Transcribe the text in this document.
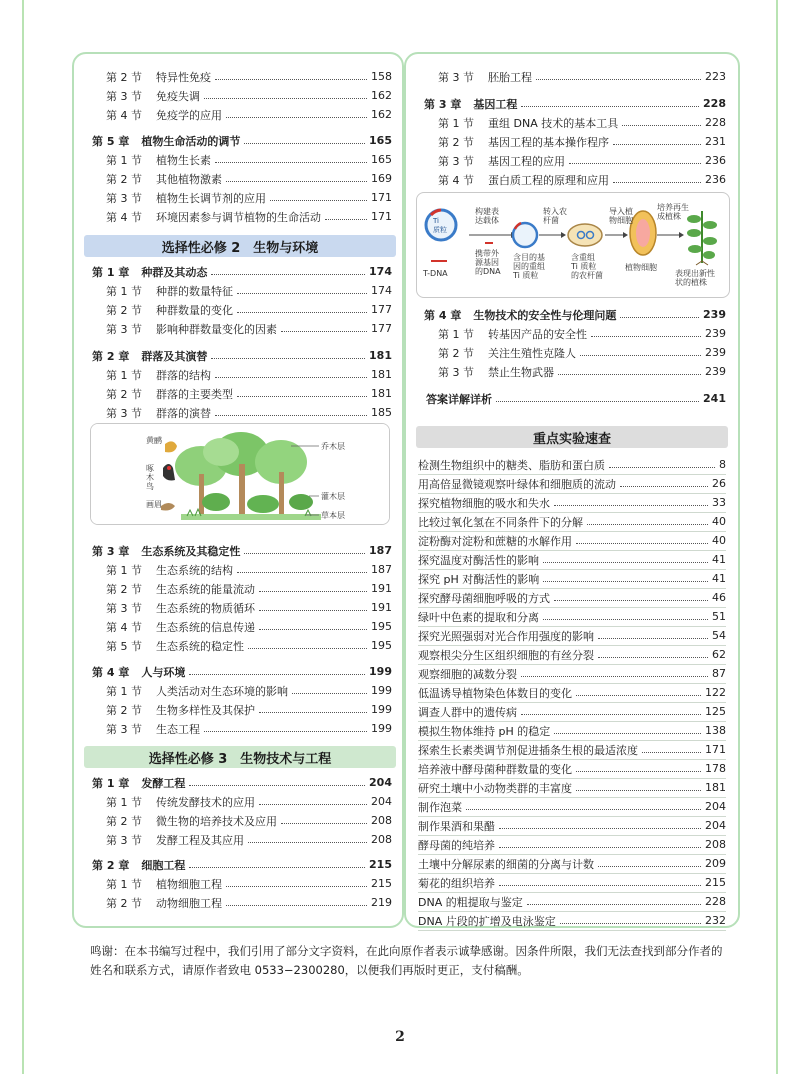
第 2 节 特异性免疫	158
第 3 节 免疫失调	162
第 4 节 免疫学的应用	162
第 5 章 植物生命活动的调节	165
第 1 节 植物生长素	165
第 2 节 其他植物激素	169
第 3 节 植物生长调节剂的应用	171
第 4 节 环境因素参与调节植物的生命活动	171
选择性必修 2　生物与环境
第 1 章 种群及其动态	174
第 1 节 种群的数量特征	174
第 2 节 种群数量的变化	177
第 3 节 影响种群数量变化的因素	177
第 2 章 群落及其演替	181
第 1 节 群落的结构	181
第 2 节 群落的主要类型	181
第 3 节 群落的演替	185
第 3 章 生态系统及其稳定性	187
第 1 节 生态系统的结构	187
第 2 节 生态系统的能量流动	191
第 3 节 生态系统的物质循环	191
第 4 节 生态系统的信息传递	195
第 5 节 生态系统的稳定性	195
第 4 章 人与环境	199
第 1 节 人类活动对生态环境的影响	199
第 2 节 生物多样性及其保护	199
第 3 节 生态工程	199
选择性必修 3　生物技术与工程
第 1 章 发酵工程	204
第 1 节 传统发酵技术的应用	204
第 2 节 微生物的培养技术及应用	208
第 3 节 发酵工程及其应用	208
第 2 章 细胞工程	215
第 1 节 植物细胞工程	215
第 2 节 动物细胞工程	219
黄鹂
啄木鸟
画眉
乔木层
灌木层
草本层
第 3 节 胚胎工程	223
第 3 章 基因工程	228
第 1 节 重组 DNA 技术的基本工具	228
第 2 节 基因工程的基本操作程序	231
第 3 节 基因工程的应用	236
第 4 节 蛋白质工程的原理和应用	236
第 4 章 生物技术的安全性与伦理问题	239
第 1 节 转基因产品的安全性	239
第 2 节 关注生殖性克隆人	239
第 3 节 禁止生物武器	239
答案详解详析	241
重点实验速查
检测生物组织中的糖类、脂肪和蛋白质	8
用高倍显微镜观察叶绿体和细胞质的流动	26
探究植物细胞的吸水和失水	33
比较过氧化氢在不同条件下的分解	40
淀粉酶对淀粉和蔗糖的水解作用	40
探究温度对酶活性的影响	41
探究 pH 对酶活性的影响	41
探究酵母菌细胞呼吸的方式	46
绿叶中色素的提取和分离	51
探究光照强弱对光合作用强度的影响	54
观察根尖分生区组织细胞的有丝分裂	62
观察细胞的减数分裂	87
低温诱导植物染色体数目的变化	122
调查人群中的遗传病	125
模拟生物体维持 pH 的稳定	138
探索生长素类调节剂促进插条生根的最适浓度	171
培养液中酵母菌种群数量的变化	178
研究土壤中小动物类群的丰富度	181
制作泡菜	204
制作果酒和果醋	204
酵母菌的纯培养	208
土壤中分解尿素的细菌的分离与计数	209
菊花的组织培养	215
DNA 的粗提取与鉴定	228
DNA 片段的扩增及电泳鉴定	232
Ti
质粒
T-DNA
构建表
达载体
携带外
源基因
的DNA
含目的基
因的重组
Ti 质粒
转入农
杆菌
含重组
Ti 质粒
的农杆菌
导入植
物细胞
植物细胞
培养再生
成植株
表现出新性
状的植株
鸣谢：在本书编写过程中，我们引用了部分文字资料，在此向原作者表示诚挚感谢。因条件所限，我们无法查找到部分作者的姓名和联系方式，请原作者致电 0533−2300280，以便我们再版时更正，支付稿酬。
2
